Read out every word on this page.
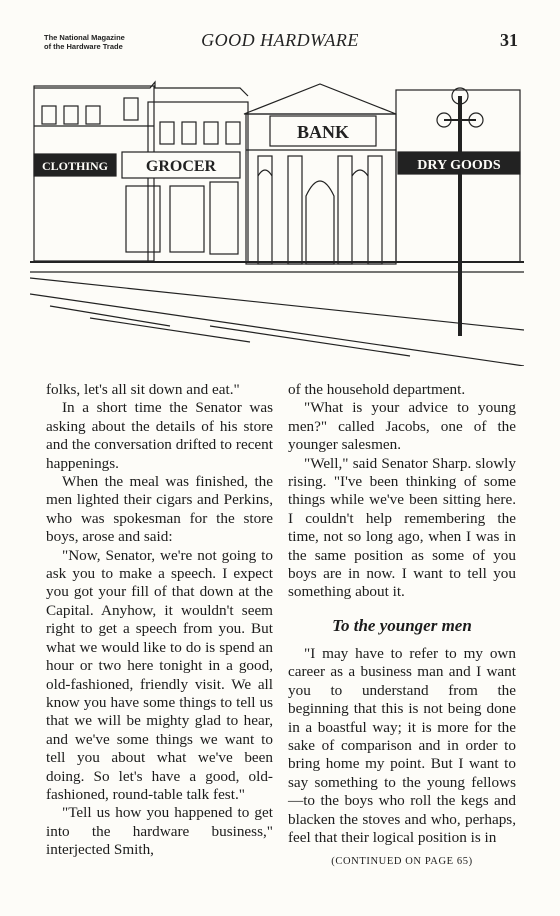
The National Magazine
of the Hardware Trade	GOOD HARDWARE	31
CLOTHING GROCER
BANK
DRY GOODS

folks, let's all sit down and eat."

In a short time the Senator was asking about the details of his store and the conversation drifted to recent happenings.

When the meal was finished, the men lighted their cigars and Perkins, who was spokesman for the store boys, arose and said:

"Now, Senator, we're not going to ask you to make a speech. I expect you got your fill of that down at the Capital. Anyhow, it wouldn't seem right to get a speech from you. But what we would like to do is spend an hour or two here tonight in a good, old-fashioned, friendly visit. We all know you have some things to tell us that we will be mighty glad to hear, and we've some things we want to tell you about what we've been doing. So let's have a good, old-fashioned, round-table talk fest."

"Tell us how you happened to get into the hardware business," interjected Smith,

of the household department.

"What is your advice to young men?" called Jacobs, one of the younger salesmen.

"Well," said Senator Sharp. slowly rising. "I've been thinking of some things while we've been sitting here. I couldn't help remembering the time, not so long ago, when I was in the same position as some of you boys are in now. I want to tell you something about it.

To the younger men

"I may have to refer to my own career as a business man and I want you to understand from the beginning that this is not being done in a boastful way; it is more for the sake of comparison and in order to bring home my point. But I want to say something to the young fellows—to the boys who roll the kegs and blacken the stoves and who, perhaps, feel that their logical position is in

(CONTINUED ON PAGE 65)
